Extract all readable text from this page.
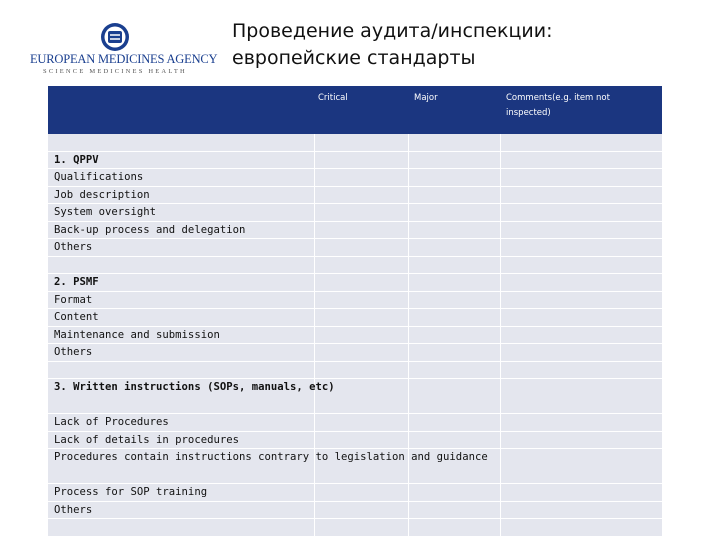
EUROPEAN MEDICINES AGENCY
SCIENCE MEDICINES HEALTH
Проведение аудита/инспекции:
европейские стандарты
Critical	Major	Comments(e.g. item not inspected)
1. QPPV
Qualifications
Job description
System oversight
Back-up process and delegation
Others
2. PSMF
Format
Content
Maintenance and submission
Others
3. Written instructions (SOPs, manuals, etc)
Lack of Procedures
Lack of details in procedures
Procedures contain instructions contrary to legislation and guidance
Process for SOP training
Others
